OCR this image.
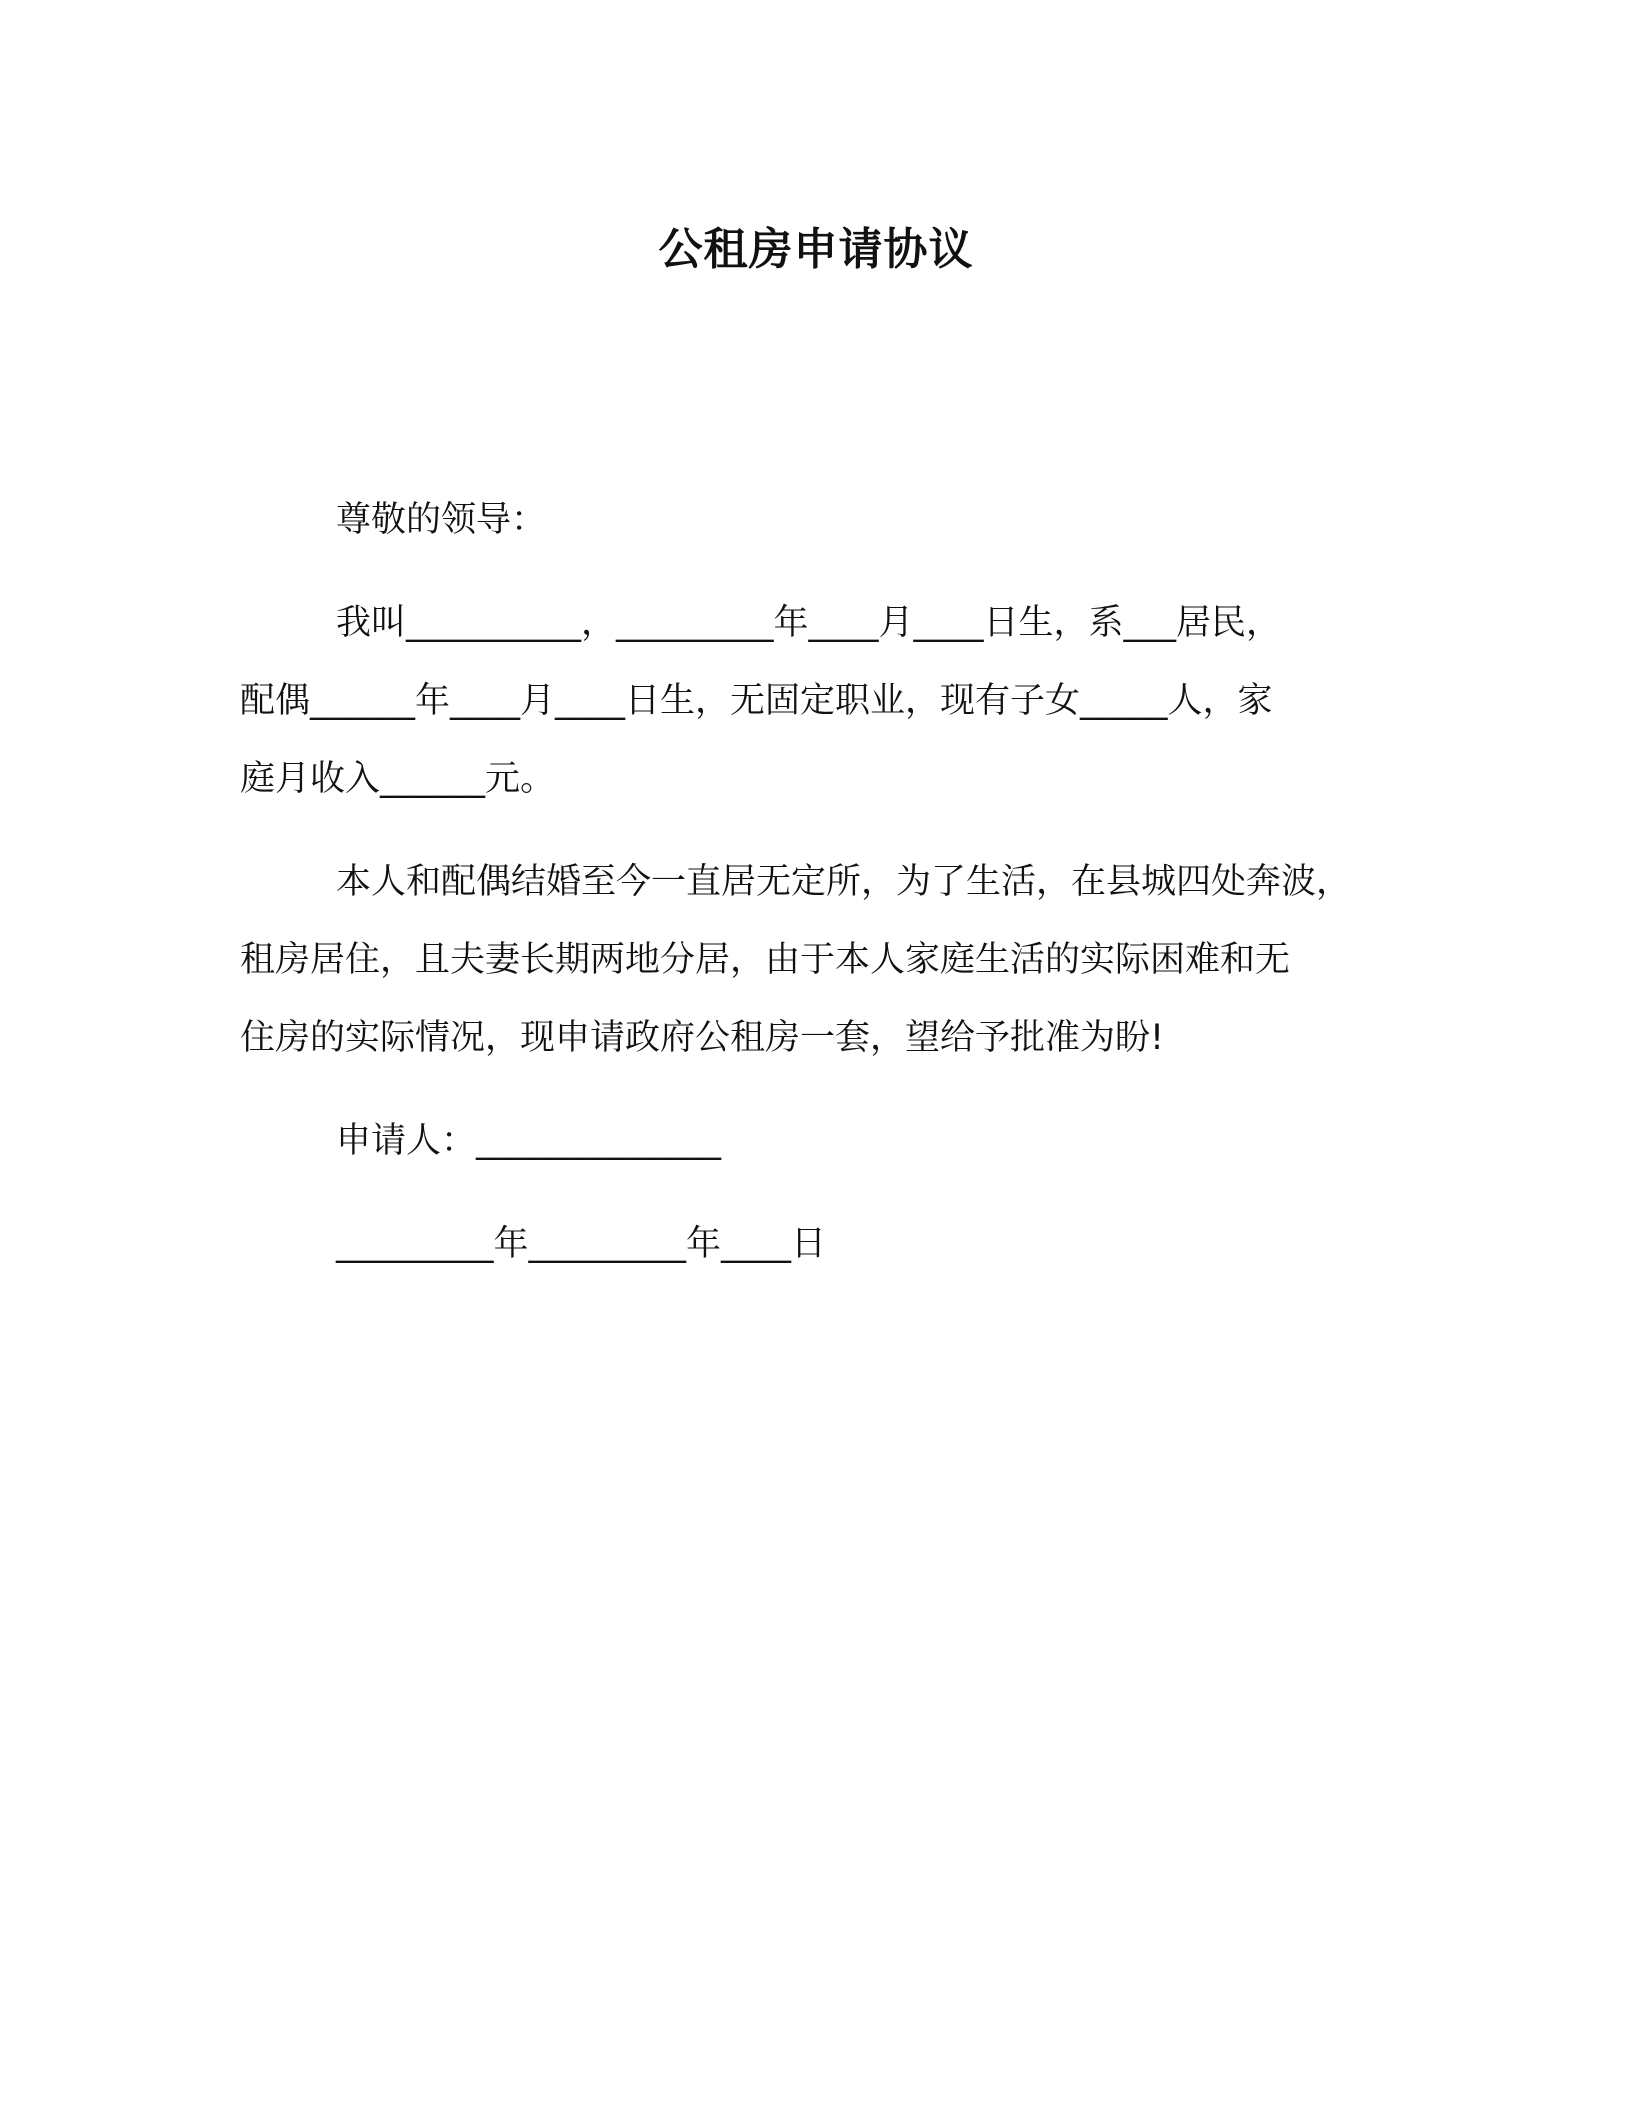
公租房申请协议
尊敬的领导：
我叫__________，_________年____月____日生，系___居民，
配偶______年____月____日生，无固定职业，现有子女_____人，家
庭月收入______元。
本人和配偶结婚至今一直居无定所，为了生活，在县城四处奔波，
租房居住，且夫妻长期两地分居，由于本人家庭生活的实际困难和无
住房的实际情况，现申请政府公租房一套，望给予批准为盼!
申请人：______________
_________年_________年____日
